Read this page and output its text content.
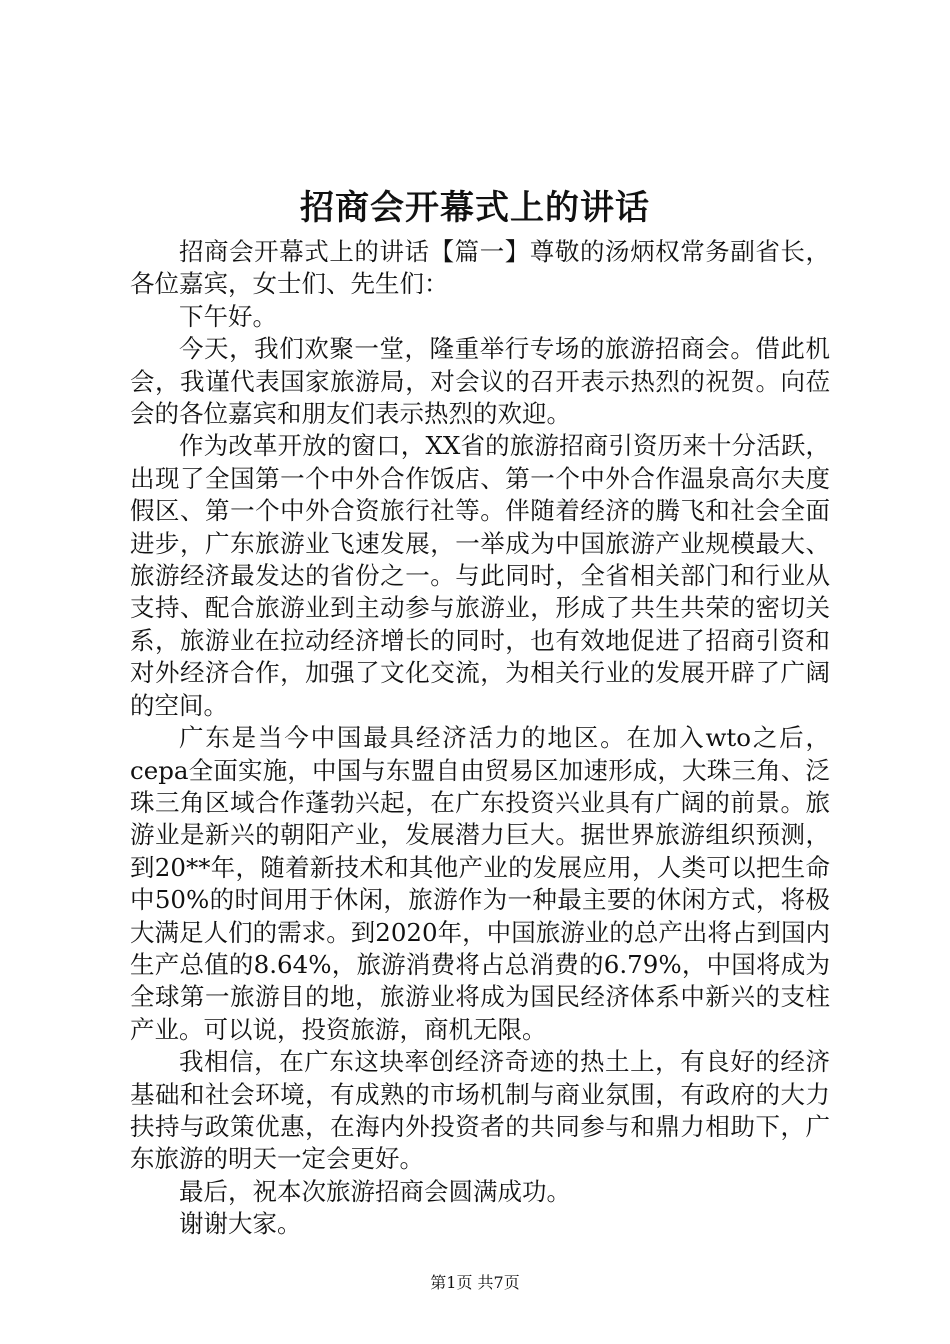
招商会开幕式上的讲话

招商会开幕式上的讲话【篇一】尊敬的汤炳权常务副省长，各位嘉宾，女士们、先生们：

下午好。

今天，我们欢聚一堂，隆重举行专场的旅游招商会。借此机会，我谨代表国家旅游局，对会议的召开表示热烈的祝贺。向莅会的各位嘉宾和朋友们表示热烈的欢迎。

作为改革开放的窗口，XX省的旅游招商引资历来十分活跃，出现了全国第一个中外合作饭店、第一个中外合作温泉高尔夫度假区、第一个中外合资旅行社等。伴随着经济的腾飞和社会全面进步，广东旅游业飞速发展，一举成为中国旅游产业规模最大、旅游经济最发达的省份之一。与此同时，全省相关部门和行业从支持、配合旅游业到主动参与旅游业，形成了共生共荣的密切关系，旅游业在拉动经济增长的同时，也有效地促进了招商引资和对外经济合作，加强了文化交流，为相关行业的发展开辟了广阔的空间。

广东是当今中国最具经济活力的地区。在加入wto之后，cepa全面实施，中国与东盟自由贸易区加速形成，大珠三角、泛珠三角区域合作蓬勃兴起，在广东投资兴业具有广阔的前景。旅游业是新兴的朝阳产业，发展潜力巨大。据世界旅游组织预测，到20**年，随着新技术和其他产业的发展应用，人类可以把生命中50%的时间用于休闲，旅游作为一种最主要的休闲方式，将极大满足人们的需求。到2020年，中国旅游业的总产出将占到国内生产总值的8.64%，旅游消费将占总消费的6.79%，中国将成为全球第一旅游目的地，旅游业将成为国民经济体系中新兴的支柱产业。可以说，投资旅游，商机无限。

我相信，在广东这块率创经济奇迹的热土上，有良好的经济基础和社会环境，有成熟的市场机制与商业氛围，有政府的大力扶持与政策优惠，在海内外投资者的共同参与和鼎力相助下，广东旅游的明天一定会更好。

最后，祝本次旅游招商会圆满成功。

谢谢大家。

第1页 共7页
